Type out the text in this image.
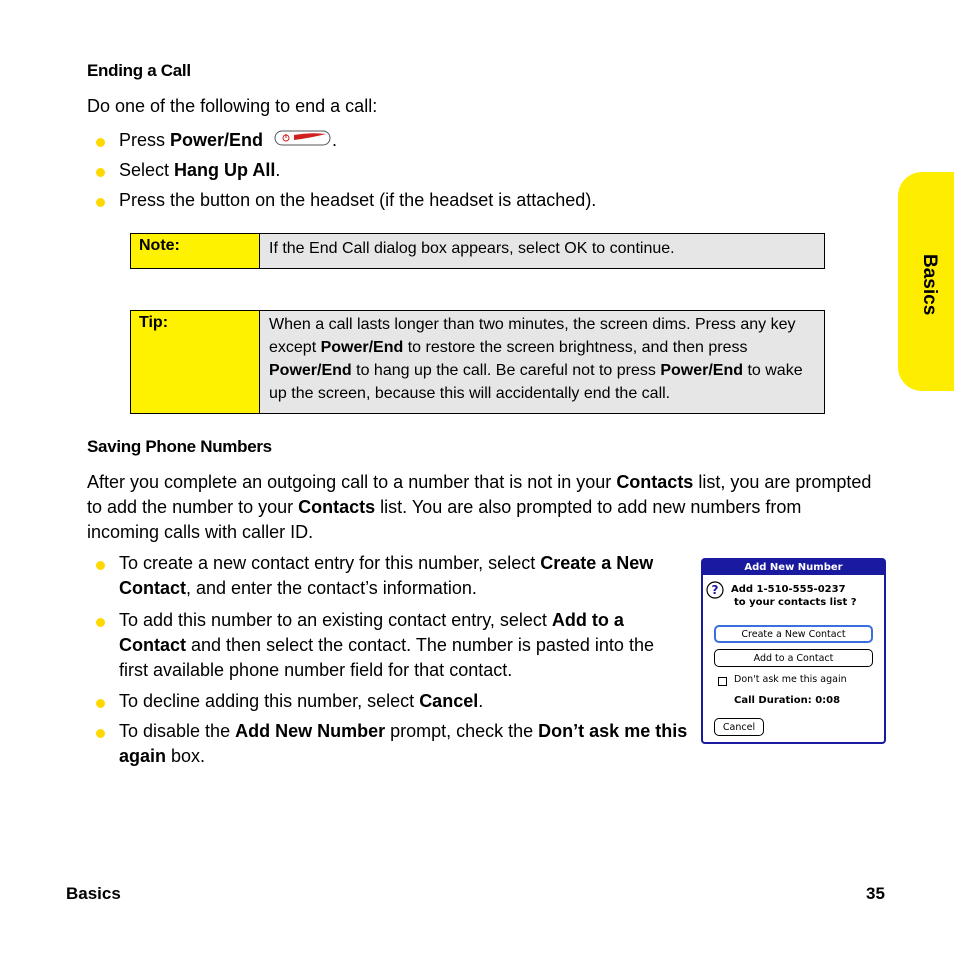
Basics
Ending a Call
Do one of the following to end a call:
Press Power/End	.
Select Hang Up All.
Press the button on the headset (if the headset is attached).
Note:	If the End Call dialog box appears, select OK to continue.
Tip:	When a call lasts longer than two minutes, the screen dims. Press any key except Power/End to restore the screen brightness, and then press Power/End to hang up the call. Be careful not to press Power/End to wake up the screen, because this will accidentally end the call.
Saving Phone Numbers
After you complete an outgoing call to a number that is not in your Contacts list, you are prompted to add the number to your Contacts list. You are also prompted to add new numbers from incoming calls with caller ID.
To create a new contact entry for this number, select Create a New Contact, and enter the contact’s information.
To add this number to an existing contact entry, select Add to a Contact and then select the contact. The number is pasted into the first available phone number field for that contact.
To decline adding this number, select Cancel.
To disable the Add New Number prompt, check the Don’t ask me this again box.
Add New Number
? Add 1-510-555-0237
to your contacts list ?
Create a New Contact
Add to a Contact
Don't ask me this again
Call Duration: 0:08
Cancel
Basics	35
